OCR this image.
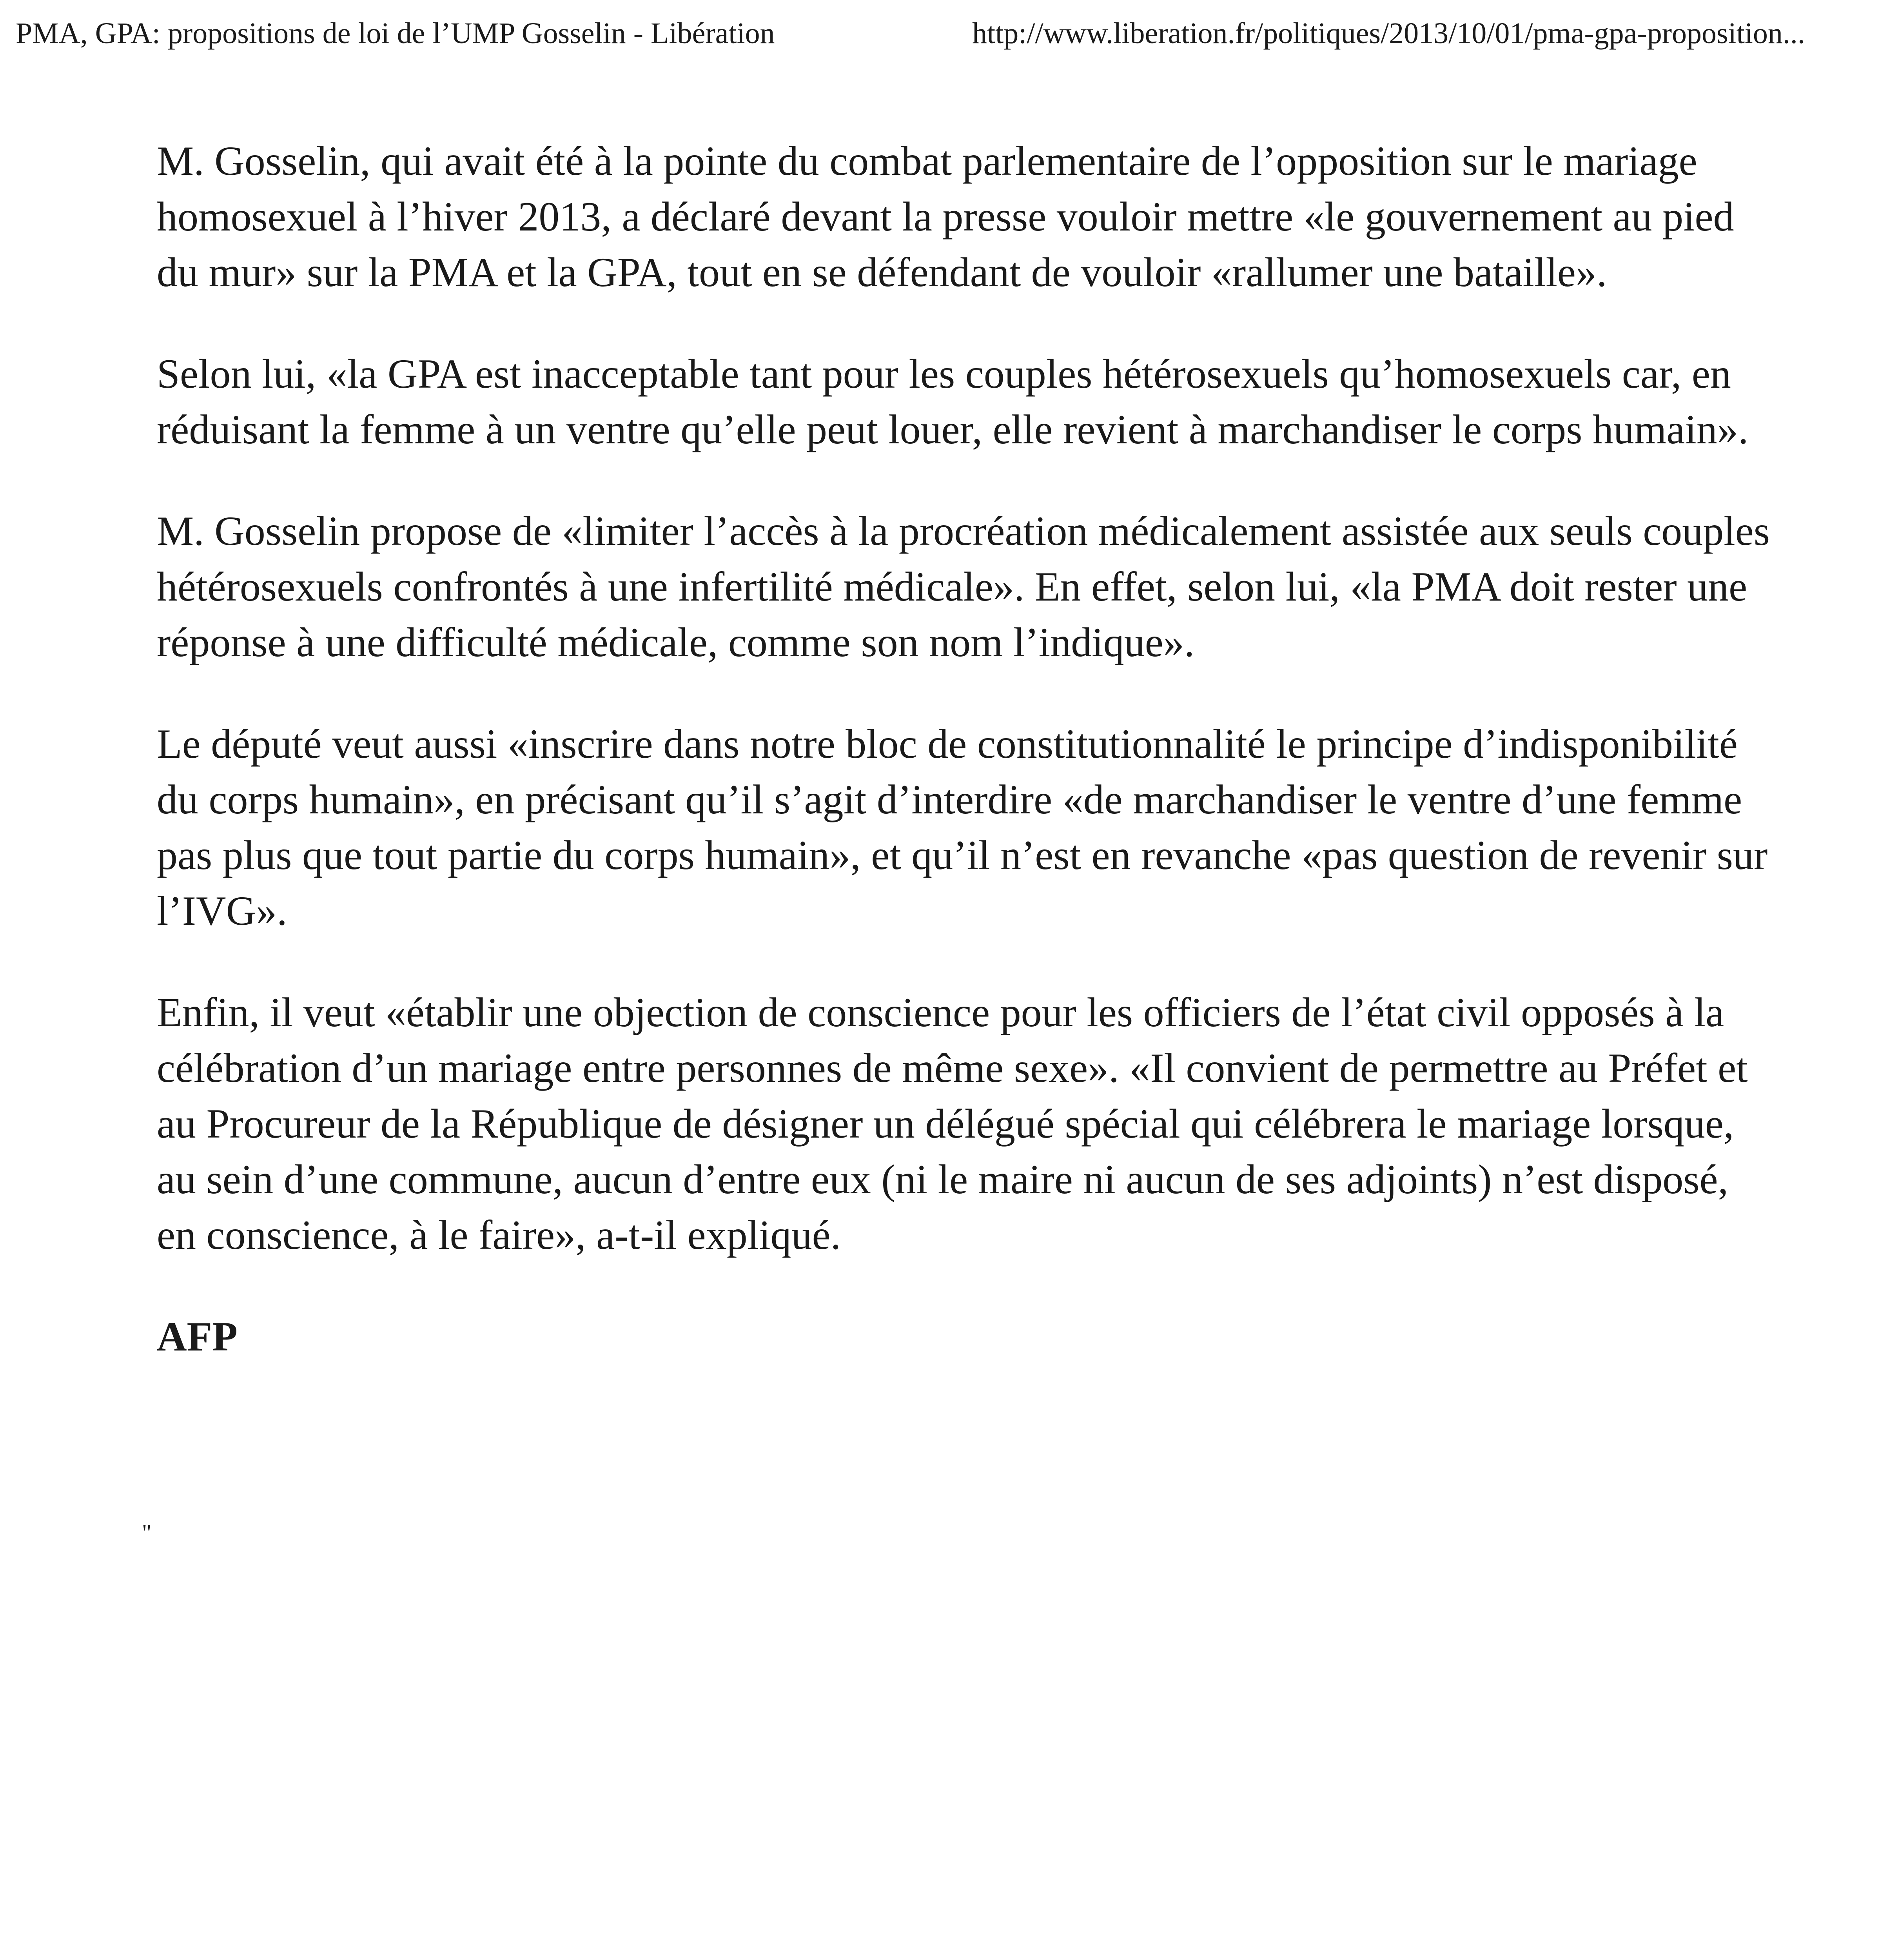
PMA, GPA: propositions de loi de l’UMP Gosselin - Libération	http://www.liberation.fr/politiques/2013/10/01/pma-gpa-proposition...

M. Gosselin, qui avait été à la pointe du combat parlementaire de l’opposition sur le mariage homosexuel à l’hiver 2013, a déclaré devant la presse vouloir mettre «le gouvernement au pied du mur» sur la PMA et la GPA, tout en se défendant de vouloir «rallumer une bataille».

Selon lui, «la GPA est inacceptable tant pour les couples hétérosexuels qu’homosexuels car, en réduisant la femme à un ventre qu’elle peut louer, elle revient à marchandiser le corps humain».

M. Gosselin propose de «limiter l’accès à la procréation médicalement assistée aux seuls couples hétérosexuels confrontés à une infertilité médicale». En effet, selon lui, «la PMA doit rester une réponse à une difficulté médicale, comme son nom l’indique».

Le député veut aussi «inscrire dans notre bloc de constitutionnalité le principe d’indisponibilité du corps humain», en précisant qu’il s’agit d’interdire «de marchandiser le ventre d’une femme pas plus que tout partie du corps humain», et qu’il n’est en revanche «pas question de revenir sur l’IVG».

Enfin, il veut «établir une objection de conscience pour les officiers de l’état civil opposés à la célébration d’un mariage entre personnes de même sexe». «Il convient de permettre au Préfet et au Procureur de la République de désigner un délégué spécial qui célébrera le mariage lorsque, au sein d’une commune, aucun d’entre eux (ni le maire ni aucun de ses adjoints) n’est disposé, en conscience, à le faire», a-t-il expliqué.

AFP

"
